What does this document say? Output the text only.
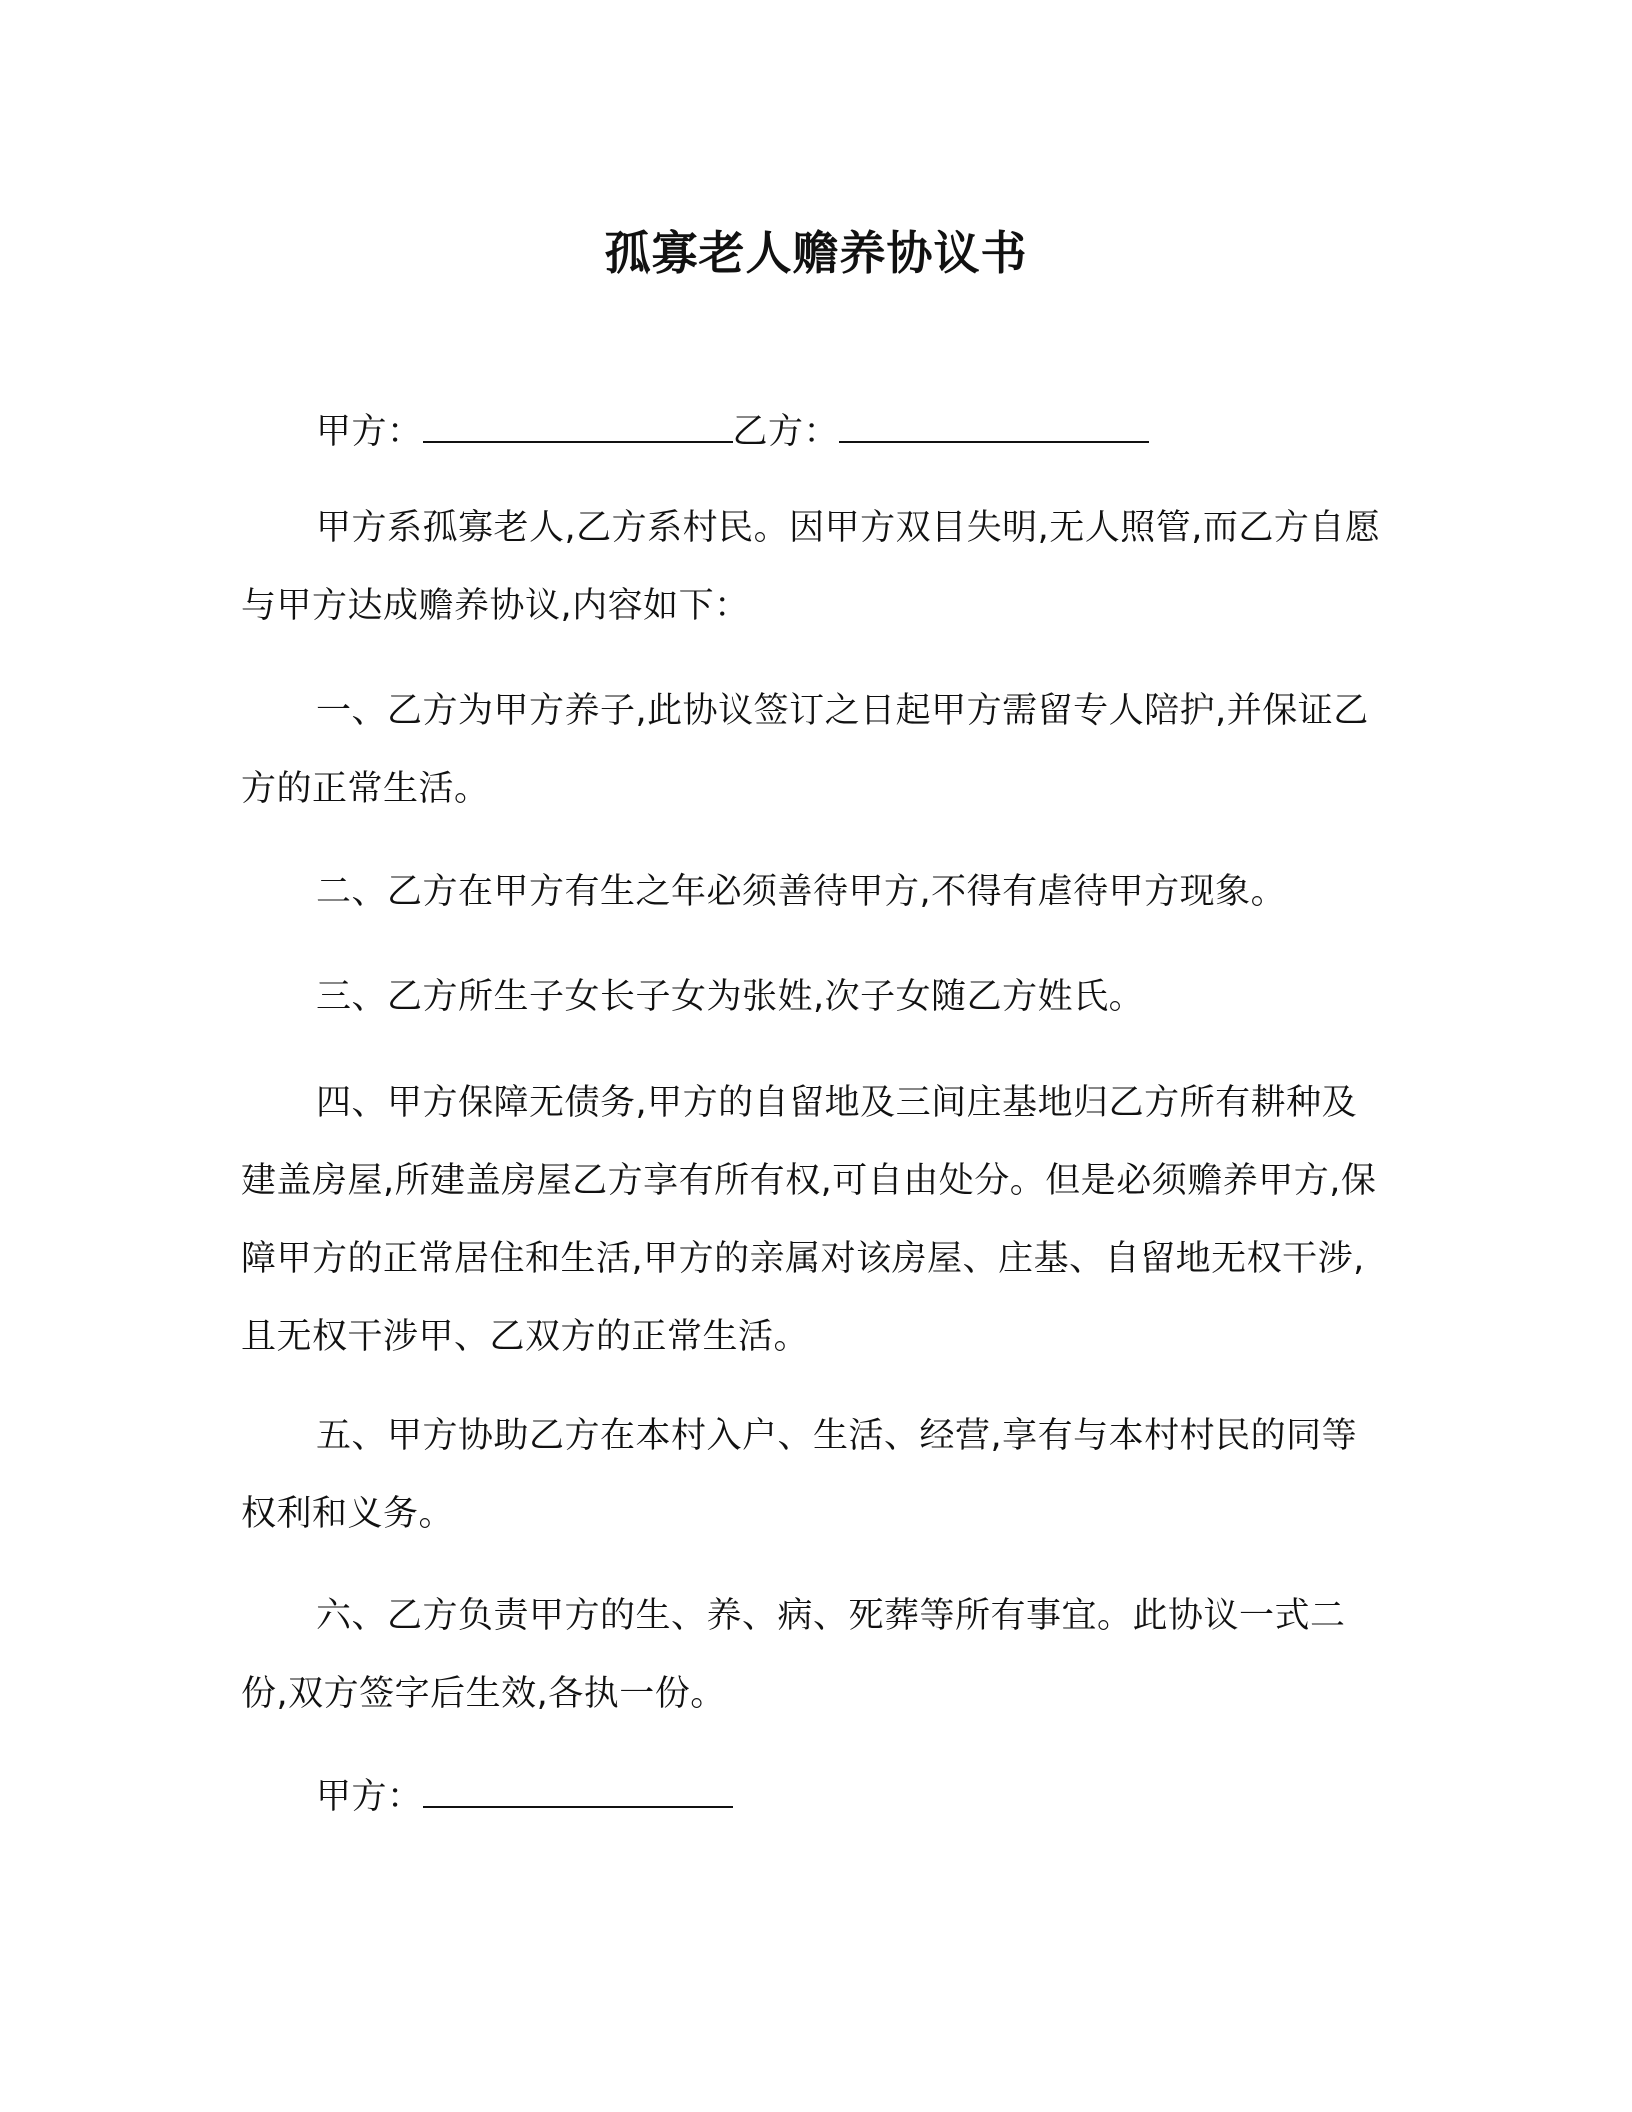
孤寡老人赡养协议书

甲方：	乙方：

甲方系孤寡老人,乙方系村民。因甲方双目失明,无人照管,而乙方自愿与甲方达成赡养协议,内容如下：

一、乙方为甲方养子,此协议签订之日起甲方需留专人陪护,并保证乙方的正常生活。

二、乙方在甲方有生之年必须善待甲方,不得有虐待甲方现象。

三、乙方所生子女长子女为张姓,次子女随乙方姓氏。

四、甲方保障无债务,甲方的自留地及三间庄基地归乙方所有耕种及建盖房屋,所建盖房屋乙方享有所有权,可自由处分。但是必须赡养甲方,保障甲方的正常居住和生活,甲方的亲属对该房屋、庄基、自留地无权干涉,且无权干涉甲、乙双方的正常生活。

五、甲方协助乙方在本村入户、生活、经营,享有与本村村民的同等权利和义务。

六、乙方负责甲方的生、养、病、死葬等所有事宜。此协议一式二份,双方签字后生效,各执一份。

甲方：
